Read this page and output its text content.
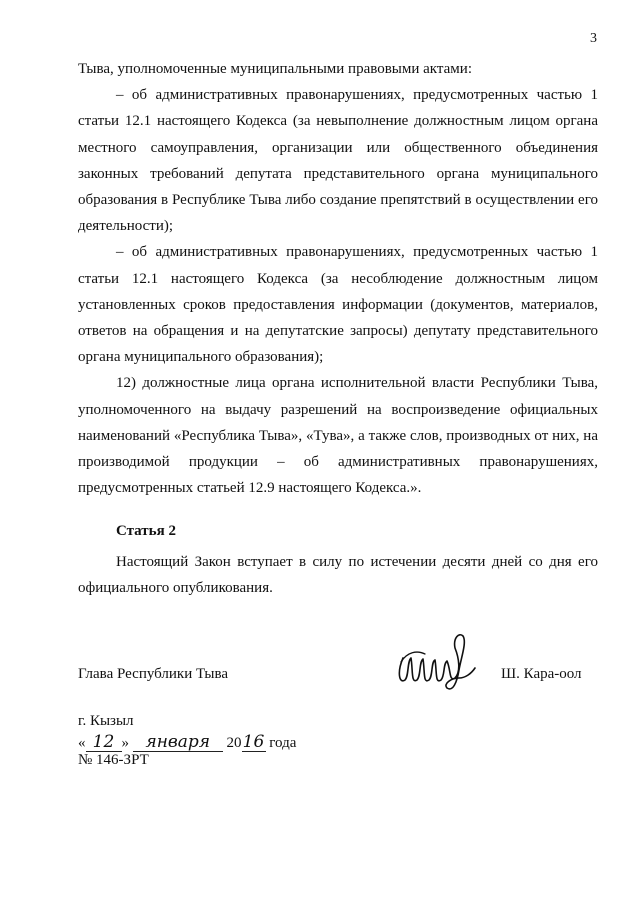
3

Тыва, уполномоченные муниципальными правовыми актами:

– об административных правонарушениях, предусмотренных частью 1 статьи 12.1 настоящего Кодекса (за невыполнение должностным лицом органа местного самоуправления, организации или общественного объединения законных требований депутата представительного органа муниципального образования в Республике Тыва либо создание препятствий в осуществлении его деятельности);

– об административных правонарушениях, предусмотренных частью 1 статьи 12.1 настоящего Кодекса (за несоблюдение должностным лицом установленных сроков предоставления информации (документов, материалов, ответов на обращения и на депутатские запросы) депутату представительного органа муниципального образования);

12) должностные лица органа исполнительной власти Республики Тыва, уполномоченного на выдачу разрешений на воспроизведение официальных наименований «Республика Тыва», «Тува», а также слов, производных от них, на производимой продукции – об административных правонарушениях, предусмотренных статьей 12.9 настоящего Кодекса.».

Статья 2

Настоящий Закон вступает в силу по истечении десяти дней со дня его официального опубликования.

Глава Республики Тыва	Ш. Кара-оол
г. Кызыл
« 12 » января 2016 года
№ 146-ЗРТ
